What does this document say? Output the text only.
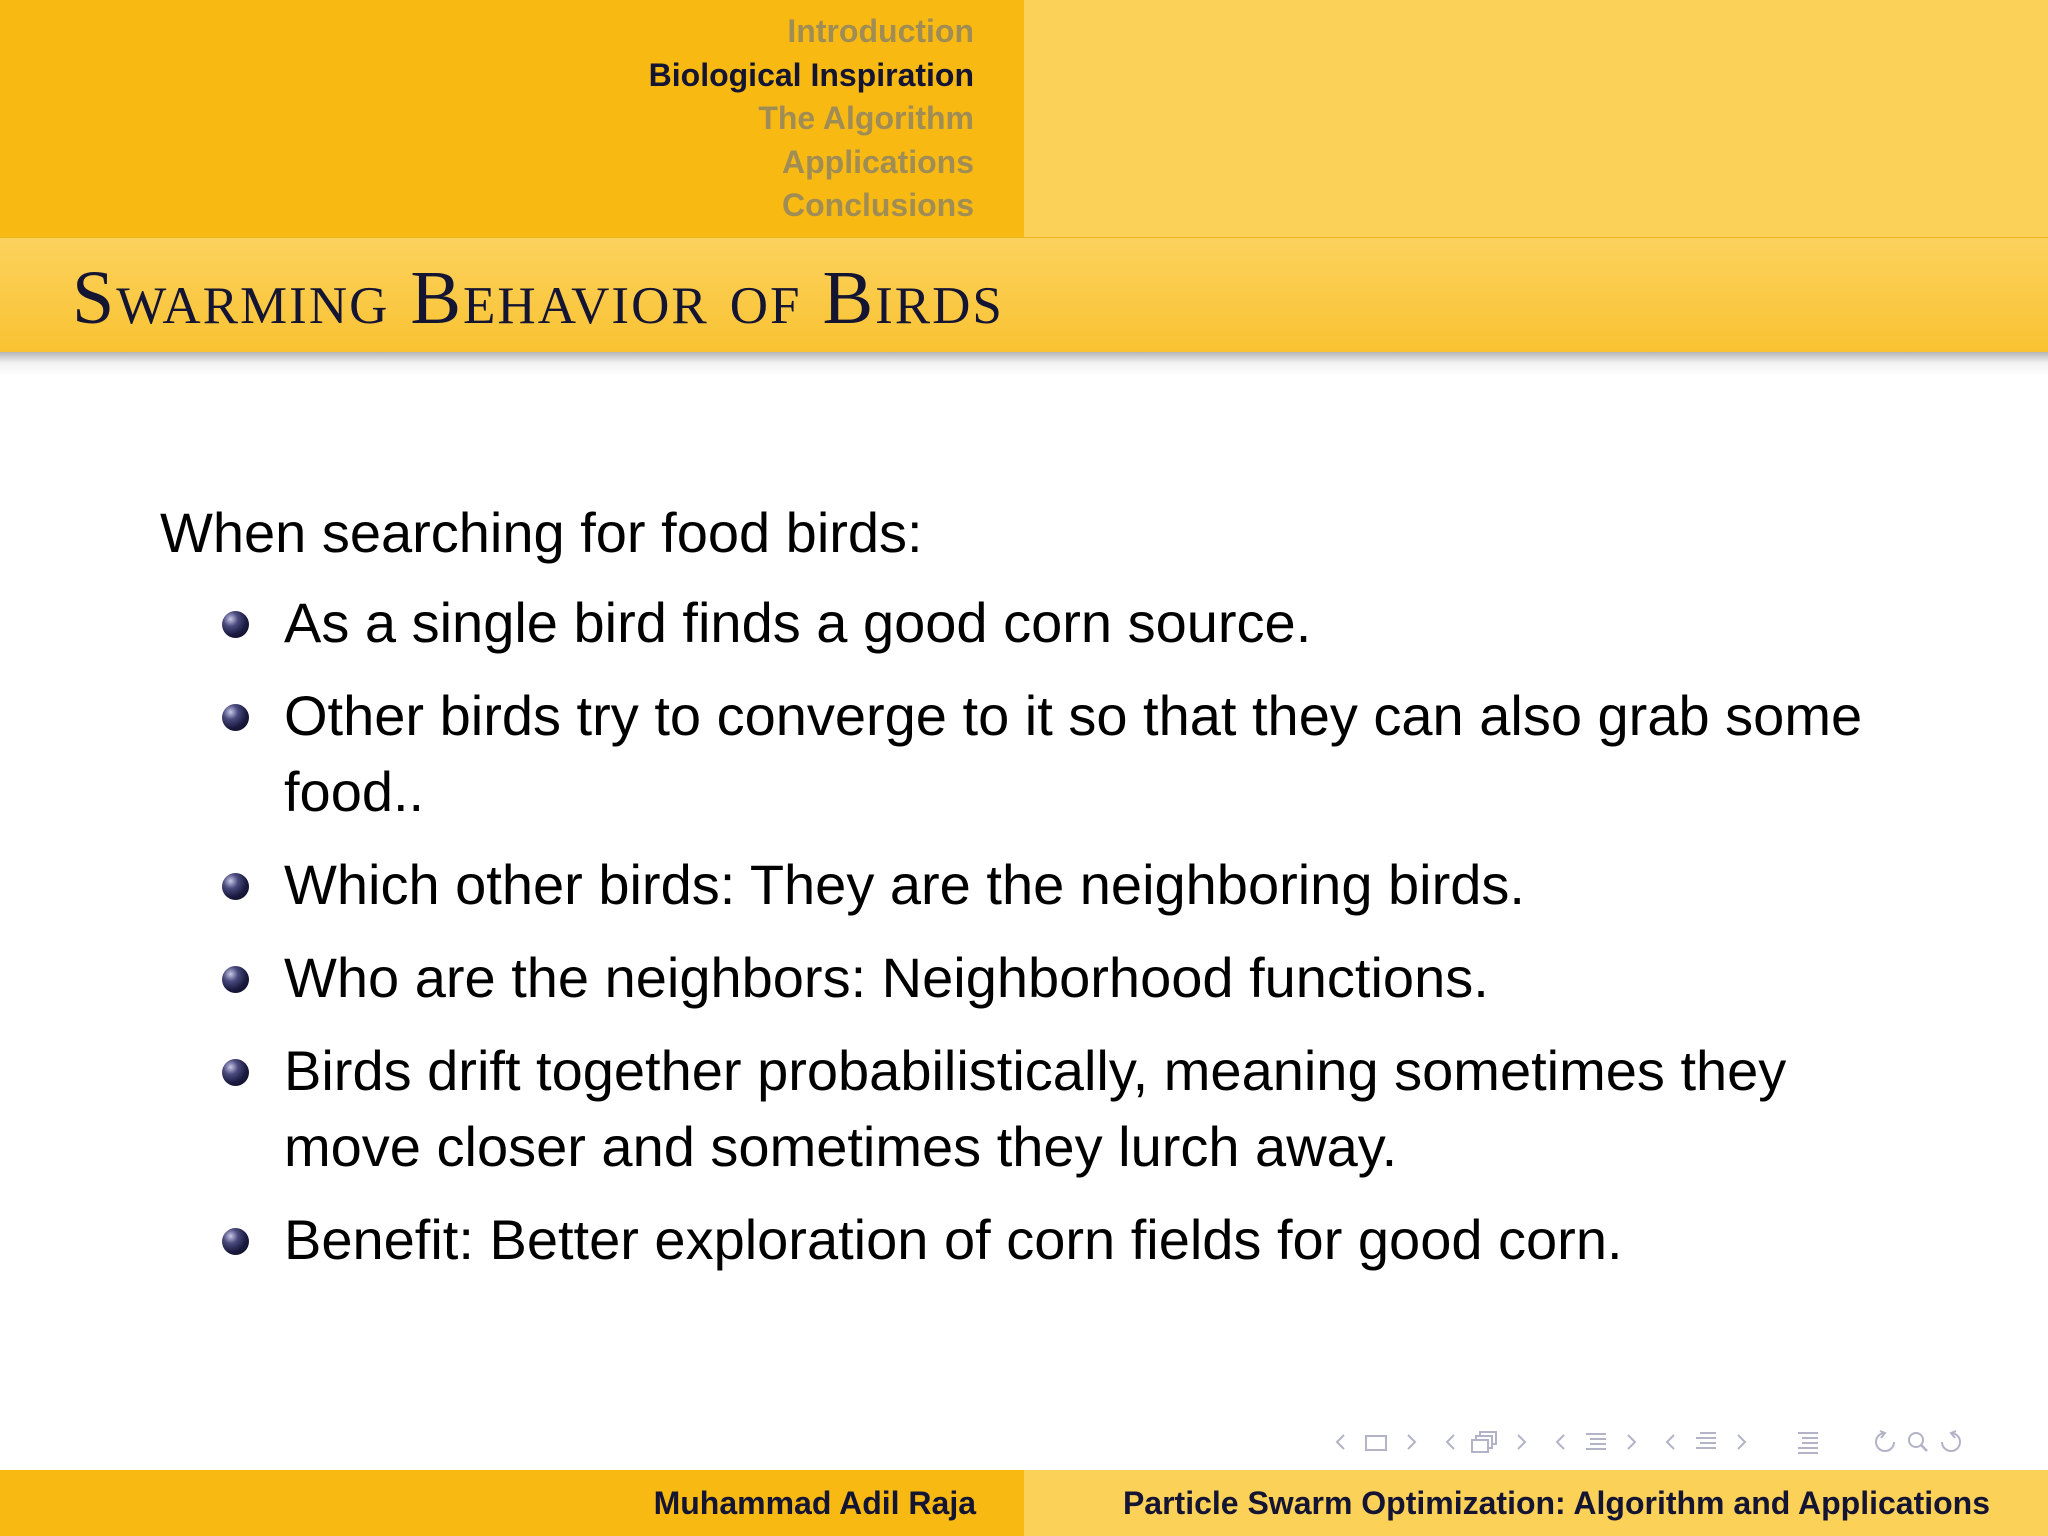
Introduction
Biological Inspiration
The Algorithm
Applications
Conclusions
Swarming Behavior of Birds

When searching for food birds:

As a single bird finds a good corn source.
Other birds try to converge to it so that they can also grab some food..
Which other birds: They are the neighboring birds.
Who are the neighbors: Neighborhood functions.
Birds drift together probabilistically, meaning sometimes they move closer and sometimes they lurch away.
Benefit: Better exploration of corn fields for good corn.
Muhammad Adil Raja	Particle Swarm Optimization: Algorithm and Applications
